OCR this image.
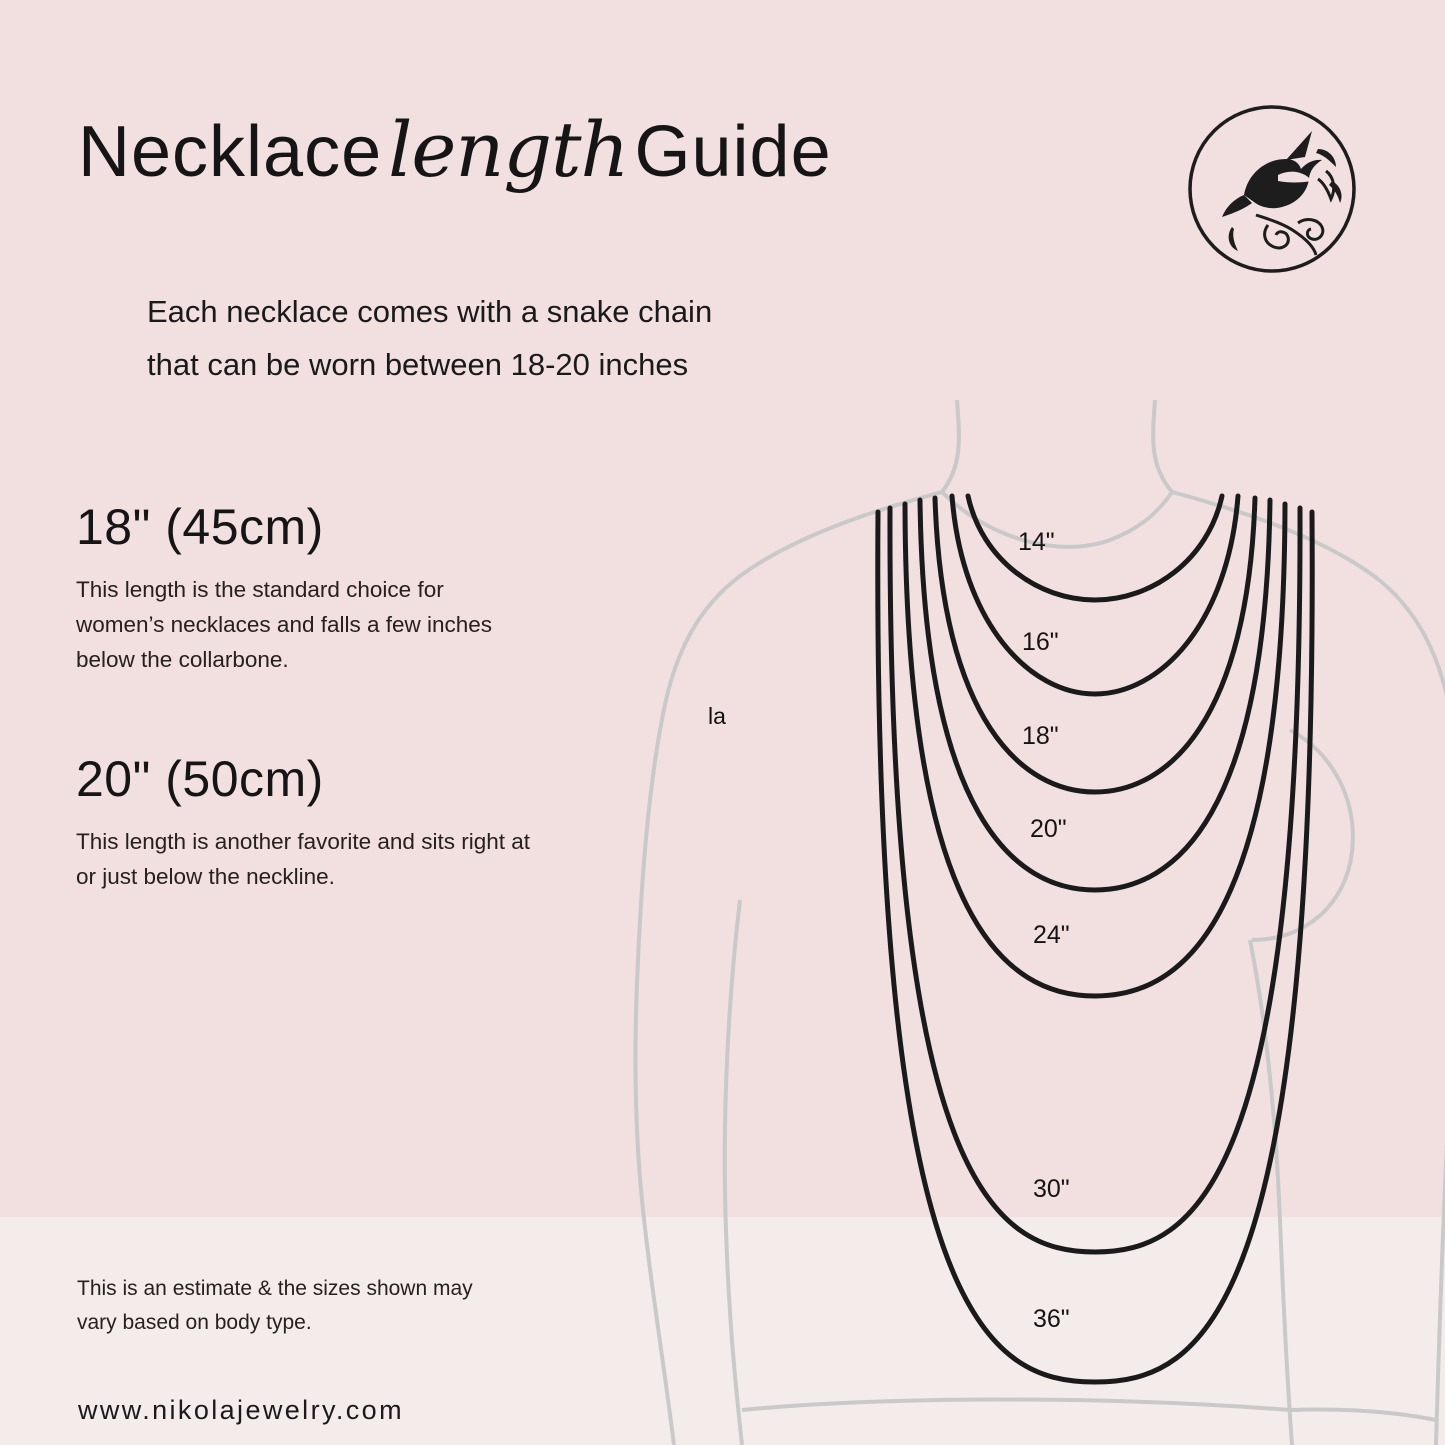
NecklacelengthGuide
Each necklace comes with a snake chain
that can be worn between 18-20 inches
18" (45cm)
This length is the standard choice for women’s necklaces and falls a few inches below the collarbone.
20" (50cm)
This length is another favorite and sits right at or just below the neckline.
14"
16"
18"
20"
24"
30"
36"
la
This is an estimate & the sizes shown may
vary based on body type.
www.nikolajewelry.com
